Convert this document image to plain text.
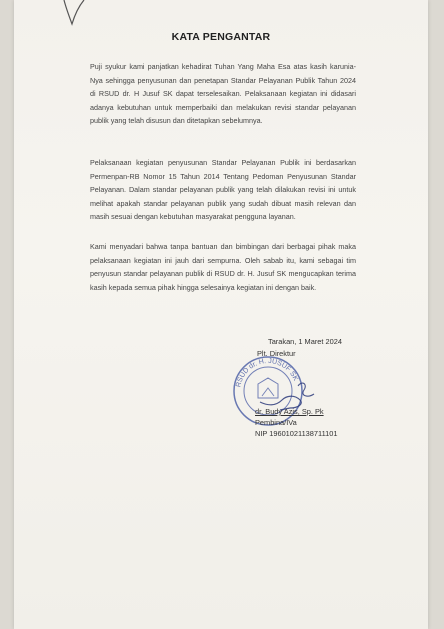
KATA PENGANTAR

Puji syukur kami panjatkan kehadirat Tuhan Yang Maha Esa atas kasih karunia-Nya sehingga penyusunan dan penetapan Standar Pelayanan Publik Tahun 2024 di RSUD dr. H Jusuf SK dapat terselesaikan. Pelaksanaan kegiatan ini didasari adanya kebutuhan untuk memperbaiki dan melakukan revisi standar pelayanan publik yang telah disusun dan ditetapkan sebelumnya.

Pelaksanaan kegiatan penyusunan Standar Pelayanan Publik ini berdasarkan Permenpan-RB Nomor 15 Tahun 2014 Tentang Pedoman Penyusunan Standar Pelayanan. Dalam standar pelayanan publik yang telah dilakukan revisi ini untuk melihat apakah standar pelayanan publik yang sudah dibuat masih relevan dan masih sesuai dengan kebutuhan masyarakat pengguna layanan.

Kami menyadari bahwa tanpa bantuan dan bimbingan dari berbagai pihak maka pelaksanaan kegiatan ini jauh dari sempurna. Oleh sabab itu, kami sebagai tim penyusun standar pelayanan publik di RSUD dr. H. Jusuf SK mengucapkan terima kasih kepada semua pihak hingga selesainya kegiatan ini dengan baik.

RSUD dr. H. JUSUF SK
Tarakan, 1 Maret 2024
Plt. Direktur
dr. Budy Azis, Sp. Pk
Pembina/IVa
NIP 19601021138711101
